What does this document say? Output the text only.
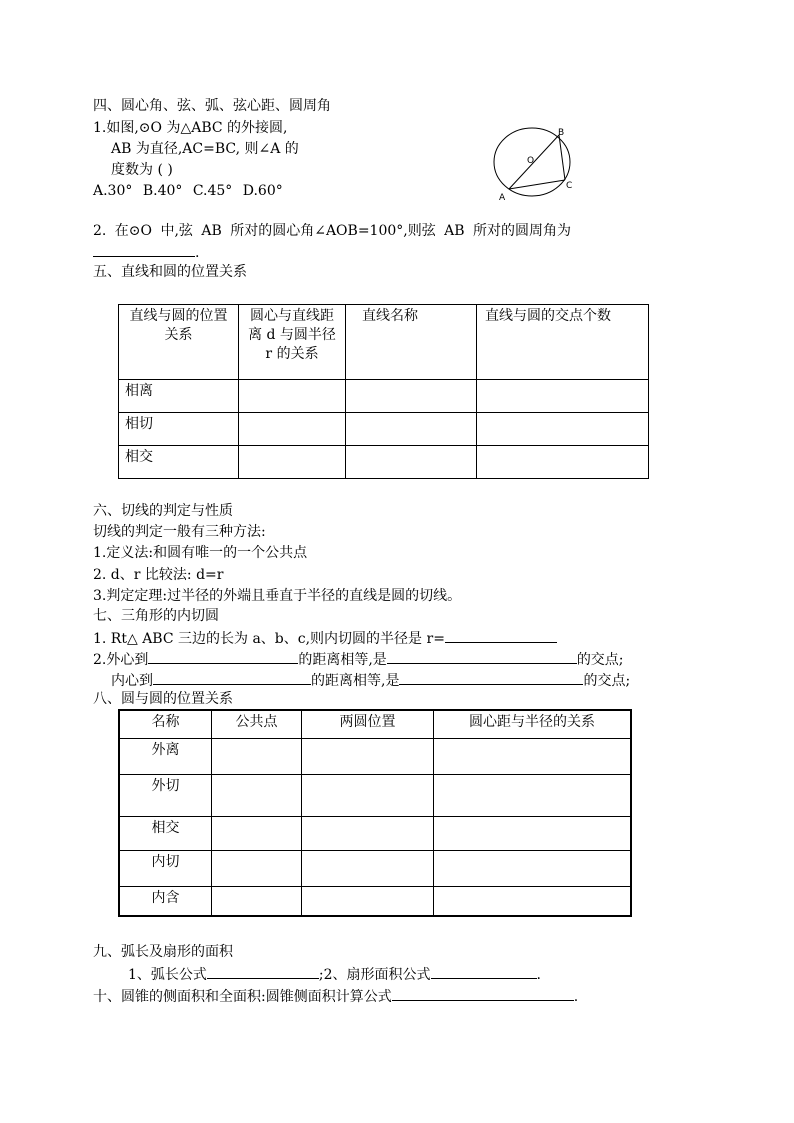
四、圆心角、弦、弧、弦心距、圆周角
1.如图,⊙O 为△ABC 的外接圆,
AB 为直径,AC=BC, 则∠A 的
度数为 ( )
A.30° B.40° C.45° D.60°
B
O
A
C
2. 在⊙O 中,弦 AB 所对的圆心角∠AOB=100°,则弦 AB 所对的圆周角为
.
五、直线和圆的位置关系
直线与圆的位置关系	圆心与直线距离 d 与圆半径 r 的关系	直线名称	直线与圆的交点个数
相离			
相切			
相交			
六、切线的判定与性质
切线的判定一般有三种方法:
1.定义法:和圆有唯一的一个公共点
2. d、r 比较法: d=r
3.判定定理:过半径的外端且垂直于半径的直线是圆的切线。
七、三角形的内切圆
1. Rt△ ABC 三边的长为 a、b、c,则内切圆的半径是 r=
2.外心到	的距离相等,是	的交点;
内心到	的距离相等,是	的交点;
八、圆与圆的位置关系
名称	公共点	两圆位置	圆心距与半径的关系
外离			
外切			
相交			
内切			
内含			
九、弧长及扇形的面积
1、弧长公式	;2、扇形面积公式	.
十、圆锥的侧面积和全面积:圆锥侧面积计算公式	.
